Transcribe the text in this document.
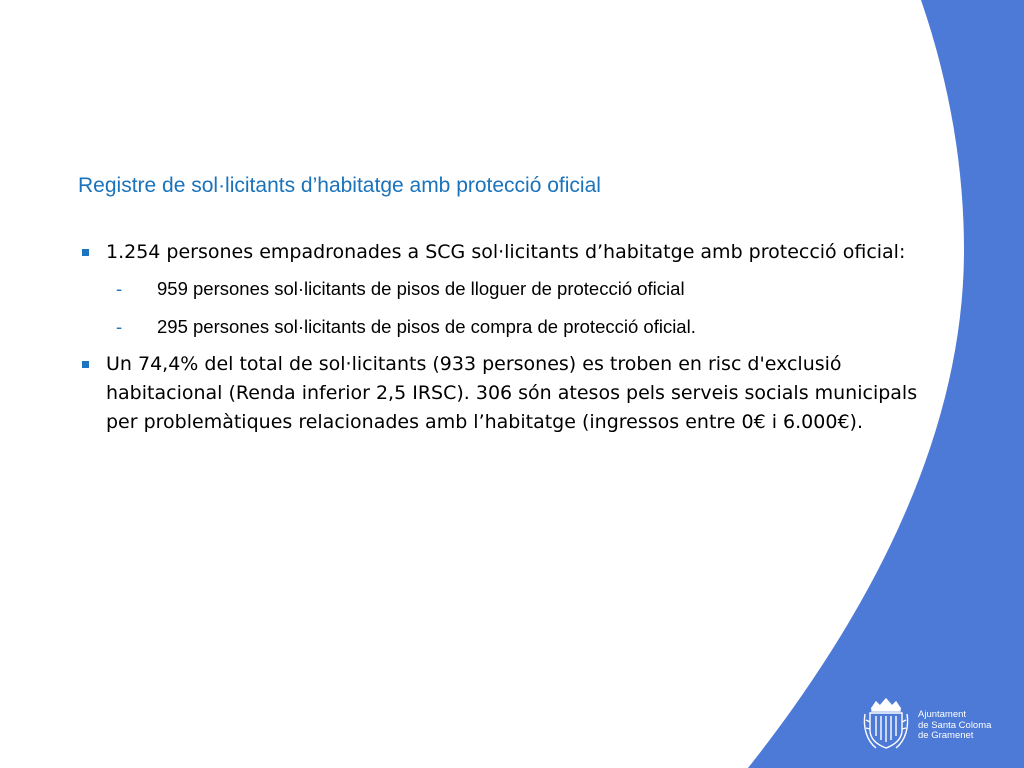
Registre de sol·licitants d’habitatge amb protecció oficial
1.254 persones empadronades a SCG sol·licitants d’habitatge amb protecció oficial:
- 959 persones sol·licitants de pisos de lloguer de protecció oficial
- 295 persones sol·licitants de pisos de compra de protecció oficial.
Un 74,4% del total de sol·licitants (933 persones) es troben en risc d'exclusió habitacional (Renda inferior 2,5 IRSC). 306 són atesos pels serveis socials municipals per problemàtiques relacionades amb l’habitatge (ingressos entre 0€ i 6.000€).
Ajuntament
de Santa Coloma
de Gramenet
